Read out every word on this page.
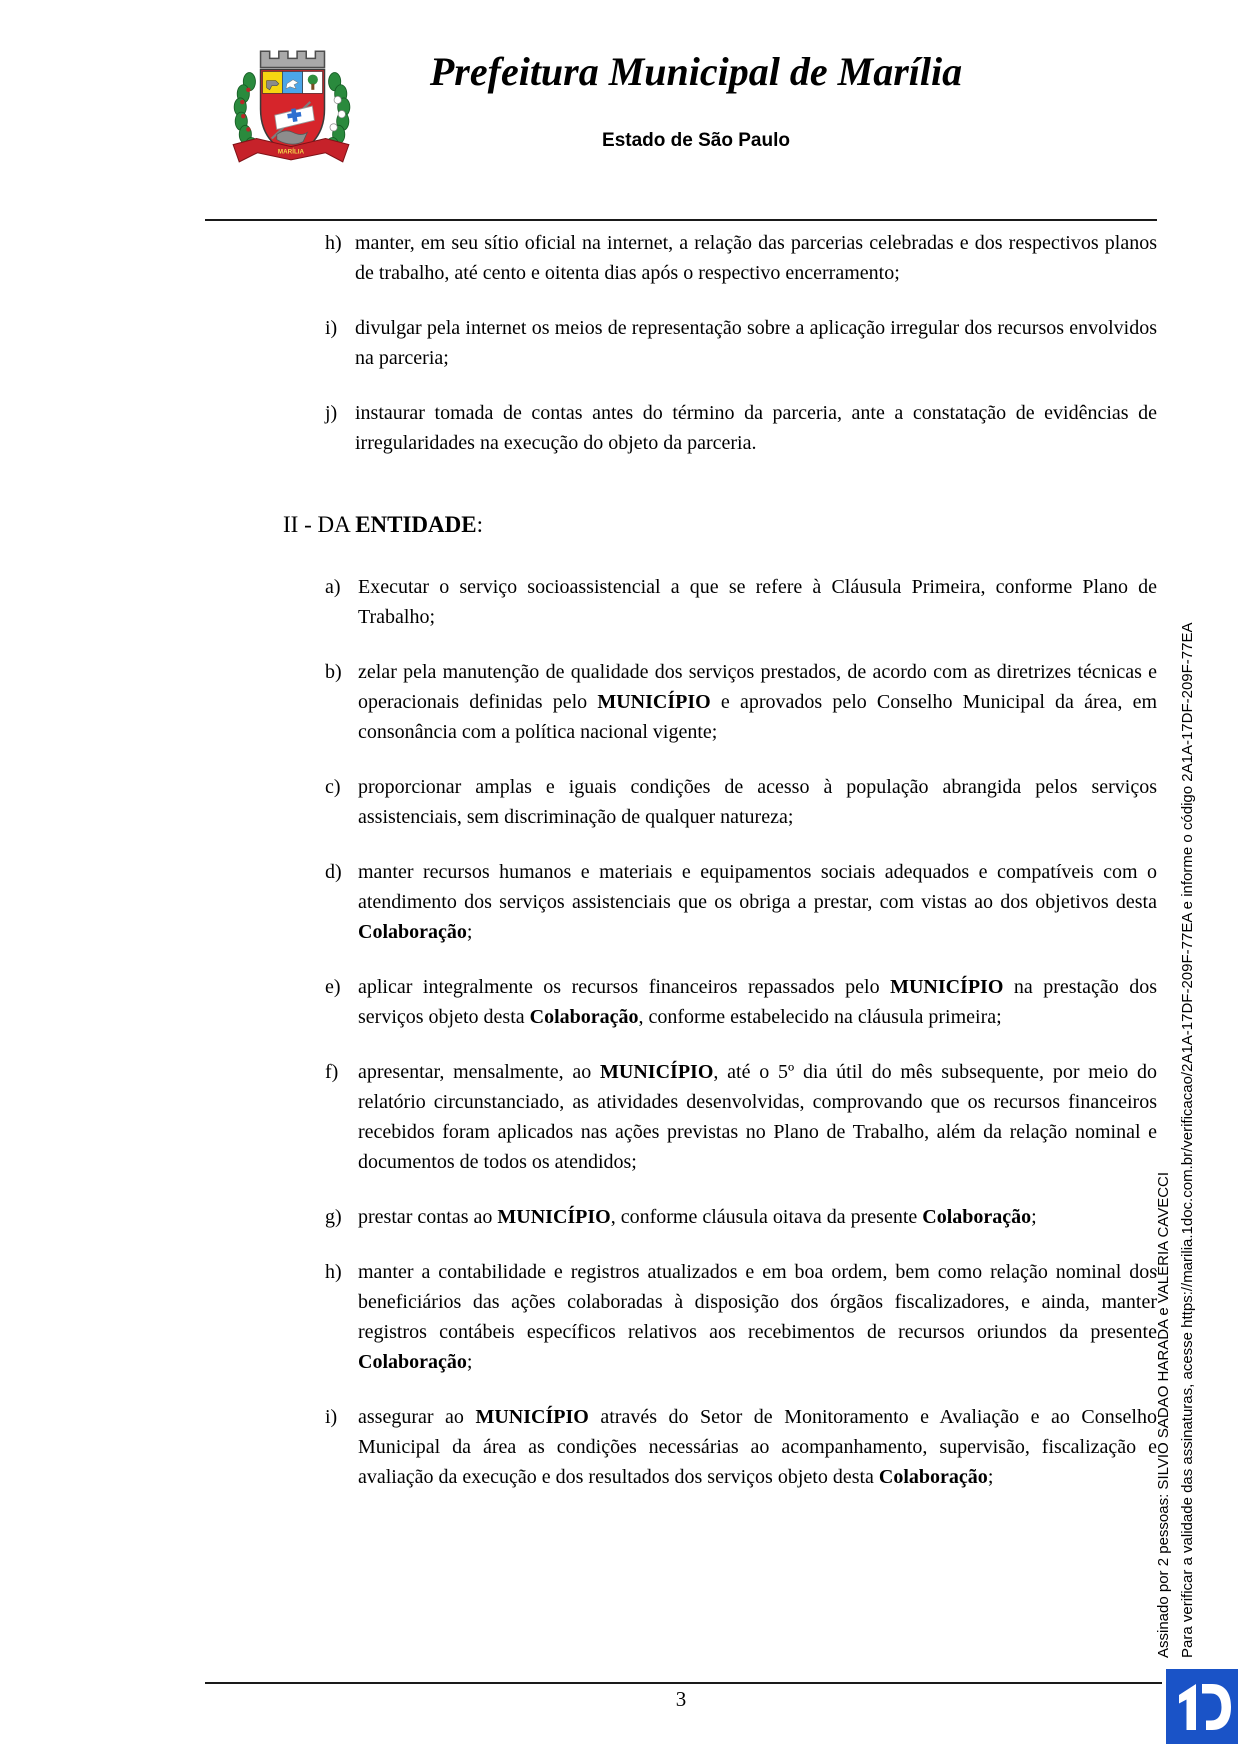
MARÍLIA
Prefeitura Municipal de Marília
Estado de São Paulo
h) manter, em seu sítio oficial na internet, a relação das parcerias celebradas e dos respectivos planos de trabalho, até cento e oitenta dias após o respectivo encerramento;
i) divulgar pela internet os meios de representação sobre a aplicação irregular dos recursos envolvidos na parceria;
j) instaurar tomada de contas antes do término da parceria, ante a constatação de evidências de irregularidades na execução do objeto da parceria.
II - DA ENTIDADE:
a) Executar o serviço socioassistencial a que se refere à Cláusula Primeira, conforme Plano de Trabalho;
b) zelar pela manutenção de qualidade dos serviços prestados, de acordo com as diretrizes técnicas e operacionais definidas pelo MUNICÍPIO e aprovados pelo Conselho Municipal da área, em consonância com a política nacional vigente;
c) proporcionar amplas e iguais condições de acesso à população abrangida pelos serviços assistenciais, sem discriminação de qualquer natureza;
d) manter recursos humanos e materiais e equipamentos sociais adequados e compatíveis com o atendimento dos serviços assistenciais que os obriga a prestar, com vistas ao dos objetivos desta Colaboração;
e) aplicar integralmente os recursos financeiros repassados pelo MUNICÍPIO na prestação dos serviços objeto desta Colaboração, conforme estabelecido na cláusula primeira;
f) apresentar, mensalmente, ao MUNICÍPIO, até o 5º dia útil do mês subsequente, por meio do relatório circunstanciado, as atividades desenvolvidas, comprovando que os recursos financeiros recebidos foram aplicados nas ações previstas no Plano de Trabalho, além da relação nominal e documentos de todos os atendidos;
g) prestar contas ao MUNICÍPIO, conforme cláusula oitava da presente Colaboração;
h) manter a contabilidade e registros atualizados e em boa ordem, bem como relação nominal dos beneficiários das ações colaboradas à disposição dos órgãos fiscalizadores, e ainda, manter registros contábeis específicos relativos aos recebimentos de recursos oriundos da presente Colaboração;
i)	assegurar ao MUNICÍPIO através do Setor de Monitoramento e Avaliação e ao Conselho Municipal da área as condições necessárias ao acompanhamento, supervisão, fiscalização e avaliação da execução e dos resultados dos serviços objeto desta Colaboração;	Assinado por 2 pessoas: SILVIO SADAO HARADA e VALÉRIA CAVECCI Para verificar a validade das assinaturas, acesse https://marilia.1doc.com.br/verificacao/2A1A-17DF-209F-77EA e informe o código 2A1A-17DF-209F-77EA
3
